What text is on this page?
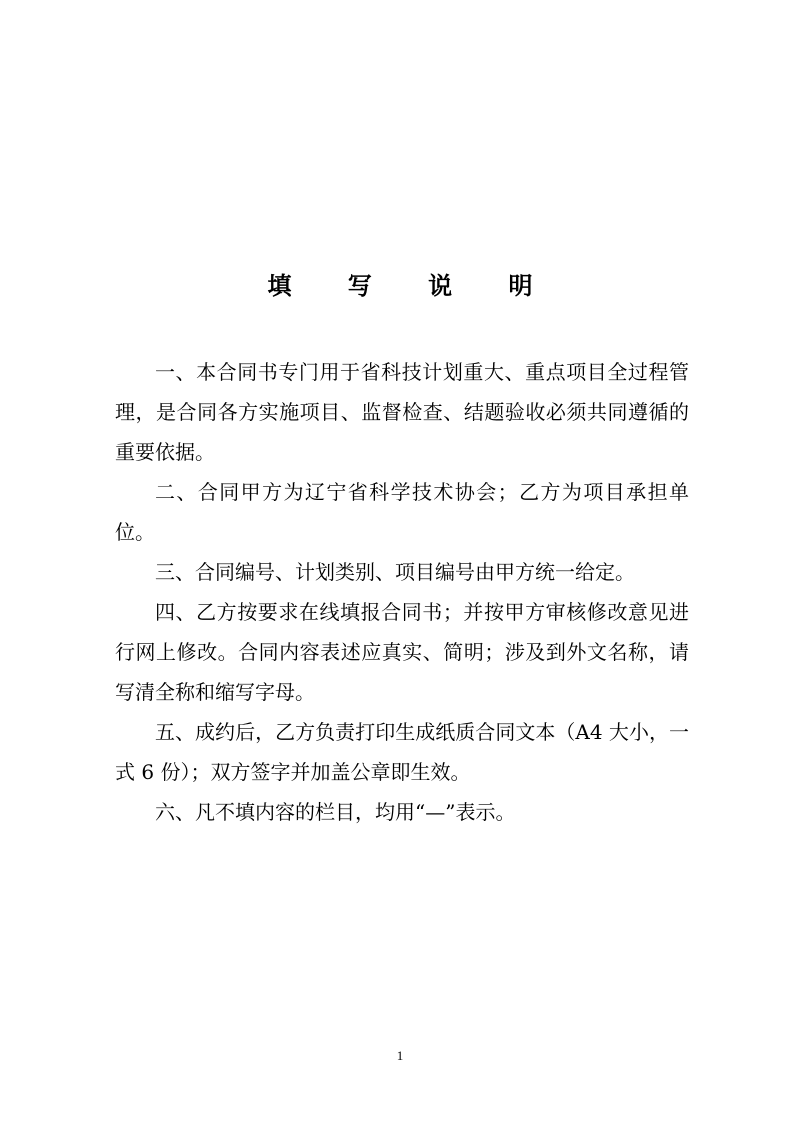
填 写 说 明

一、本合同书专门用于省科技计划重大、重点项目全过程管理，是合同各方实施项目、监督检查、结题验收必须共同遵循的重要依据。

二、合同甲方为辽宁省科学技术协会；乙方为项目承担单位。

三、合同编号、计划类别、项目编号由甲方统一给定。

四、乙方按要求在线填报合同书；并按甲方审核修改意见进行网上修改。合同内容表述应真实、简明；涉及到外文名称，请写清全称和缩写字母。

五、成约后，乙方负责打印生成纸质合同文本（A4 大小，一式 6 份）；双方签字并加盖公章即生效。

六、凡不填内容的栏目，均用“—”表示。

1
